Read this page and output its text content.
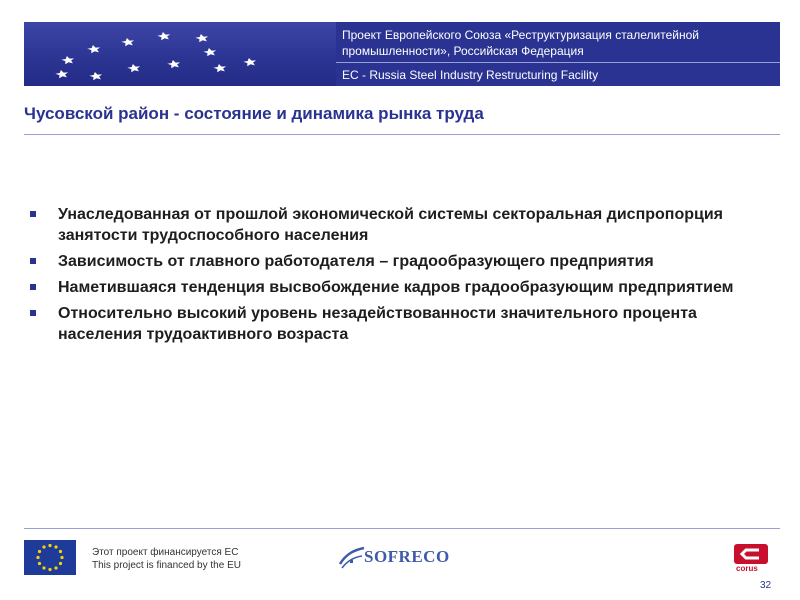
Проект Европейского Союза «Реструктуризация сталелитейной промышленности», Российская Федерация
EC - Russia Steel Industry Restructuring Facility
Чусовской район - состояние и динамика рынка труда
Унаследованная от прошлой экономической системы секторальная диспропорция занятости трудоспособного населения
Зависимость от главного работодателя – градообразующего предприятия
Наметившаяся тенденция высвобождение кадров градообразующим предприятием
Относительно высокий уровень незадействованности значительного процента населения трудоактивного возраста
Этот проект финансируется ЕС
This project is financed by the EU	SOFRECO
corus
32
